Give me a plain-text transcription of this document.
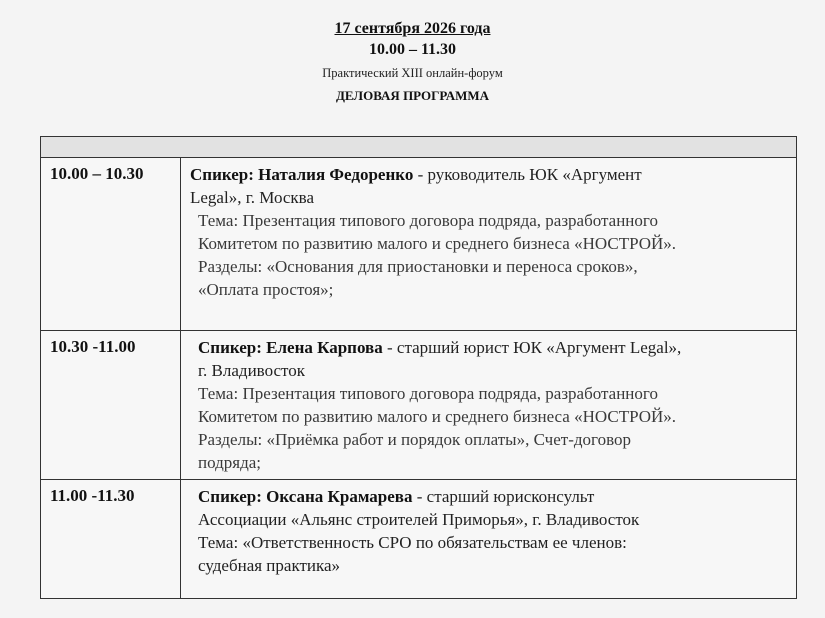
17 сентября 2026 года
10.00 – 11.30
Практический XIII онлайн-форум
ДЕЛОВАЯ ПРОГРАММА
10.00 – 10.30	Спикер: Наталия Федоренко - руководитель ЮК «Аргумент
Legal», г. Москва
Тема: Презентация типового договора подряда, разработанного
Комитетом по развитию малого и среднего бизнеса «НОСТРОЙ».
Разделы: «Основания для приостановки и переноса сроков»,
«Оплата простоя»;
10.30 -11.00	Спикер: Елена Карпова - старший юрист ЮК «Аргумент Legal»,
г. Владивосток
Тема: Презентация типового договора подряда, разработанного
Комитетом по развитию малого и среднего бизнеса «НОСТРОЙ».
Разделы: «Приёмка работ и порядок оплаты», Счет-договор
подряда;
11.00 -11.30	Спикер: Оксана Крамарева - старший юрисконсульт
Ассоциации «Альянс строителей Приморья», г. Владивосток
Тема: «Ответственность СРО по обязательствам ее членов:
судебная практика»
